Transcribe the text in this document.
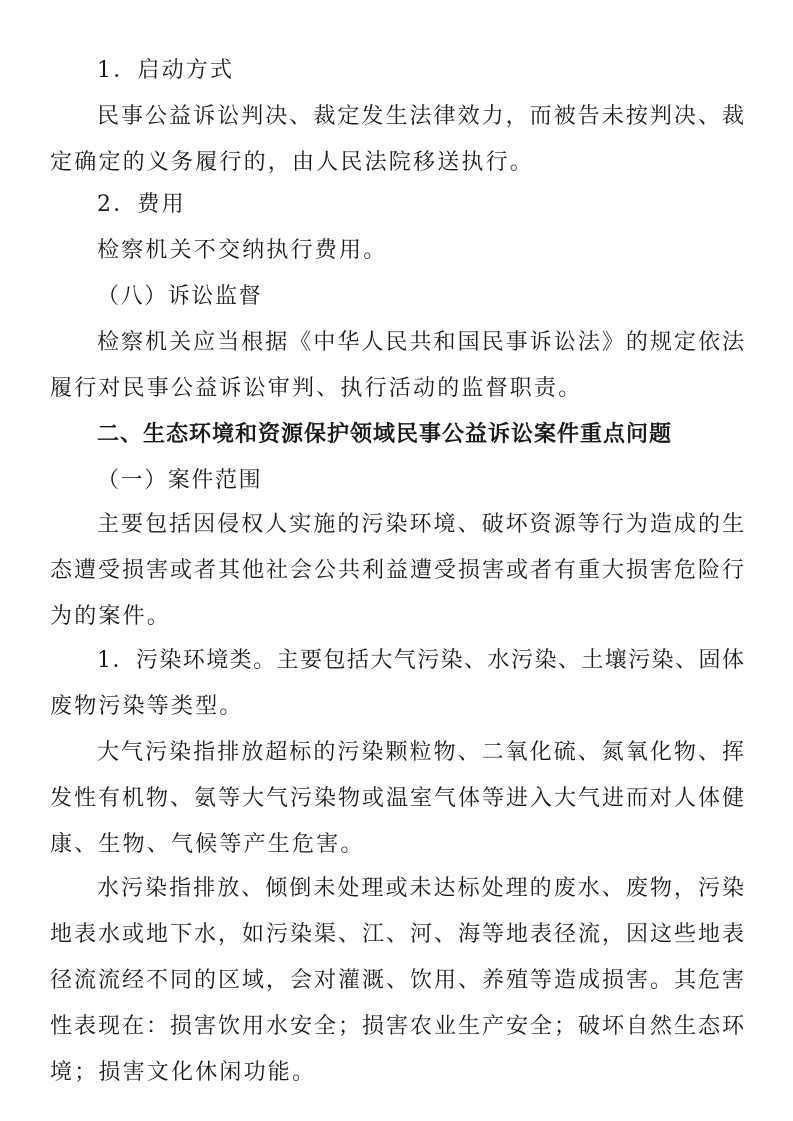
1．启动方式
民事公益诉讼判决、裁定发生法律效力，而被告未按判决、裁
定确定的义务履行的，由人民法院移送执行。
2．费用
检察机关不交纳执行费用。
（八）诉讼监督
检察机关应当根据《中华人民共和国民事诉讼法》的规定依法
履行对民事公益诉讼审判、执行活动的监督职责。
二、生态环境和资源保护领域民事公益诉讼案件重点问题
（一）案件范围
主要包括因侵权人实施的污染环境、破坏资源等行为造成的生
态遭受损害或者其他社会公共利益遭受损害或者有重大损害危险行
为的案件。
1．污染环境类。主要包括大气污染、水污染、土壤污染、固体
废物污染等类型。
大气污染指排放超标的污染颗粒物、二氧化硫、氮氧化物、挥
发性有机物、氨等大气污染物或温室气体等进入大气进而对人体健
康、生物、气候等产生危害。
水污染指排放、倾倒未处理或未达标处理的废水、废物，污染
地表水或地下水，如污染渠、江、河、海等地表径流，因这些地表
径流流经不同的区域，会对灌溉、饮用、养殖等造成损害。其危害
性表现在：损害饮用水安全；损害农业生产安全；破坏自然生态环
境；损害文化休闲功能。
